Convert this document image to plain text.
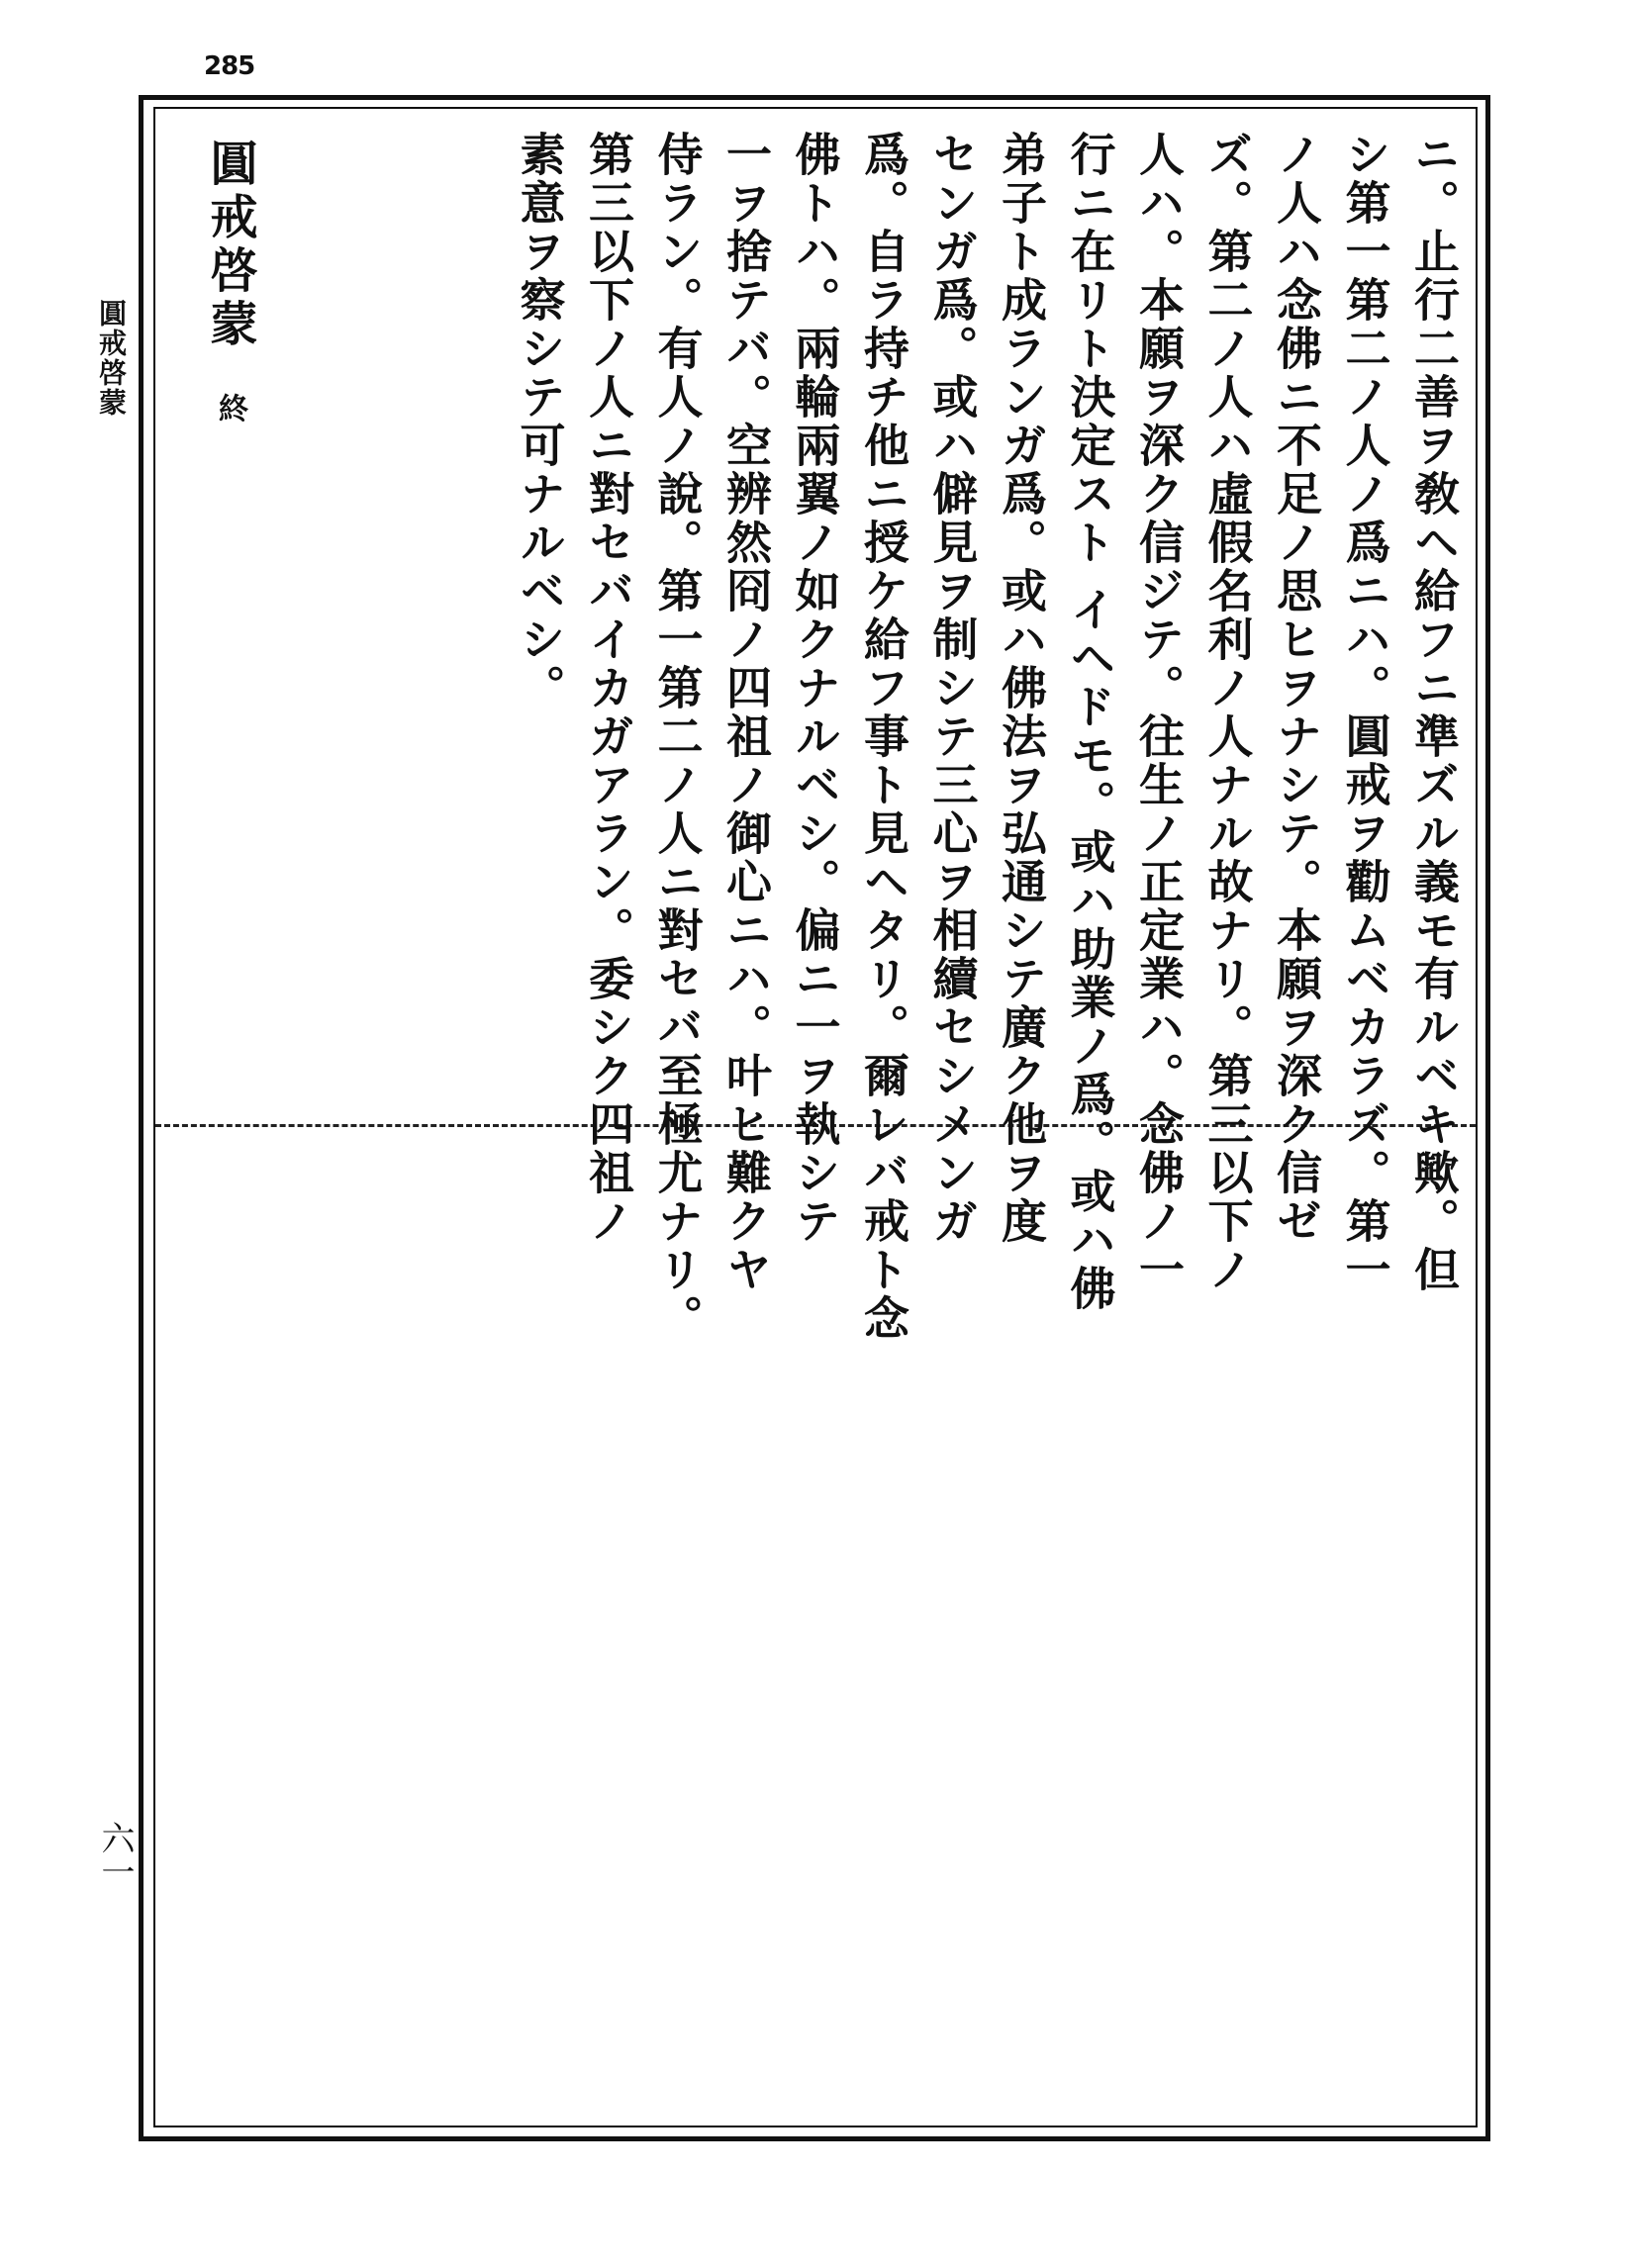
285
圓戒啓蒙
六一
ニ。止行二善ヲ敎ヘ給フニ準ズル義モ有ルベキ歟。但
シ第一第二ノ人ノ爲ニハ。圓戒ヲ勸ムベカラズ。第一
ノ人ハ念佛ニ不足ノ思ヒヲナシテ。本願ヲ深ク信ゼ
ズ。第二ノ人ハ虛假名利ノ人ナル故ナリ。第三以下ノ
人ハ。本願ヲ深ク信ジテ。往生ノ正定業ハ。念佛ノ一
行ニ在リト決定スト イヘドモ。或ハ助業ノ爲。或ハ佛
弟子ト成ランガ爲。或ハ佛法ヲ弘通シテ廣ク他ヲ度
センガ爲。或ハ僻見ヲ制シテ三心ヲ相續セシメンガ
爲。自ラ持チ他ニ授ケ給フ事ト見ヘタリ。爾レバ戒ト念
佛トハ。兩輪兩翼ノ如クナルベシ。偏ニ一ヲ執シテ
一ヲ捨テバ。空辨然冏ノ四祖ノ御心ニハ。叶ヒ難クヤ
侍ラン。有人ノ說。第一第二ノ人ニ對セバ至極尤ナリ。
第三以下ノ人ニ對セバイカガアラン。委シク四祖ノ
素意ヲ察シテ可ナルベシ。
圓戒啓蒙 終
